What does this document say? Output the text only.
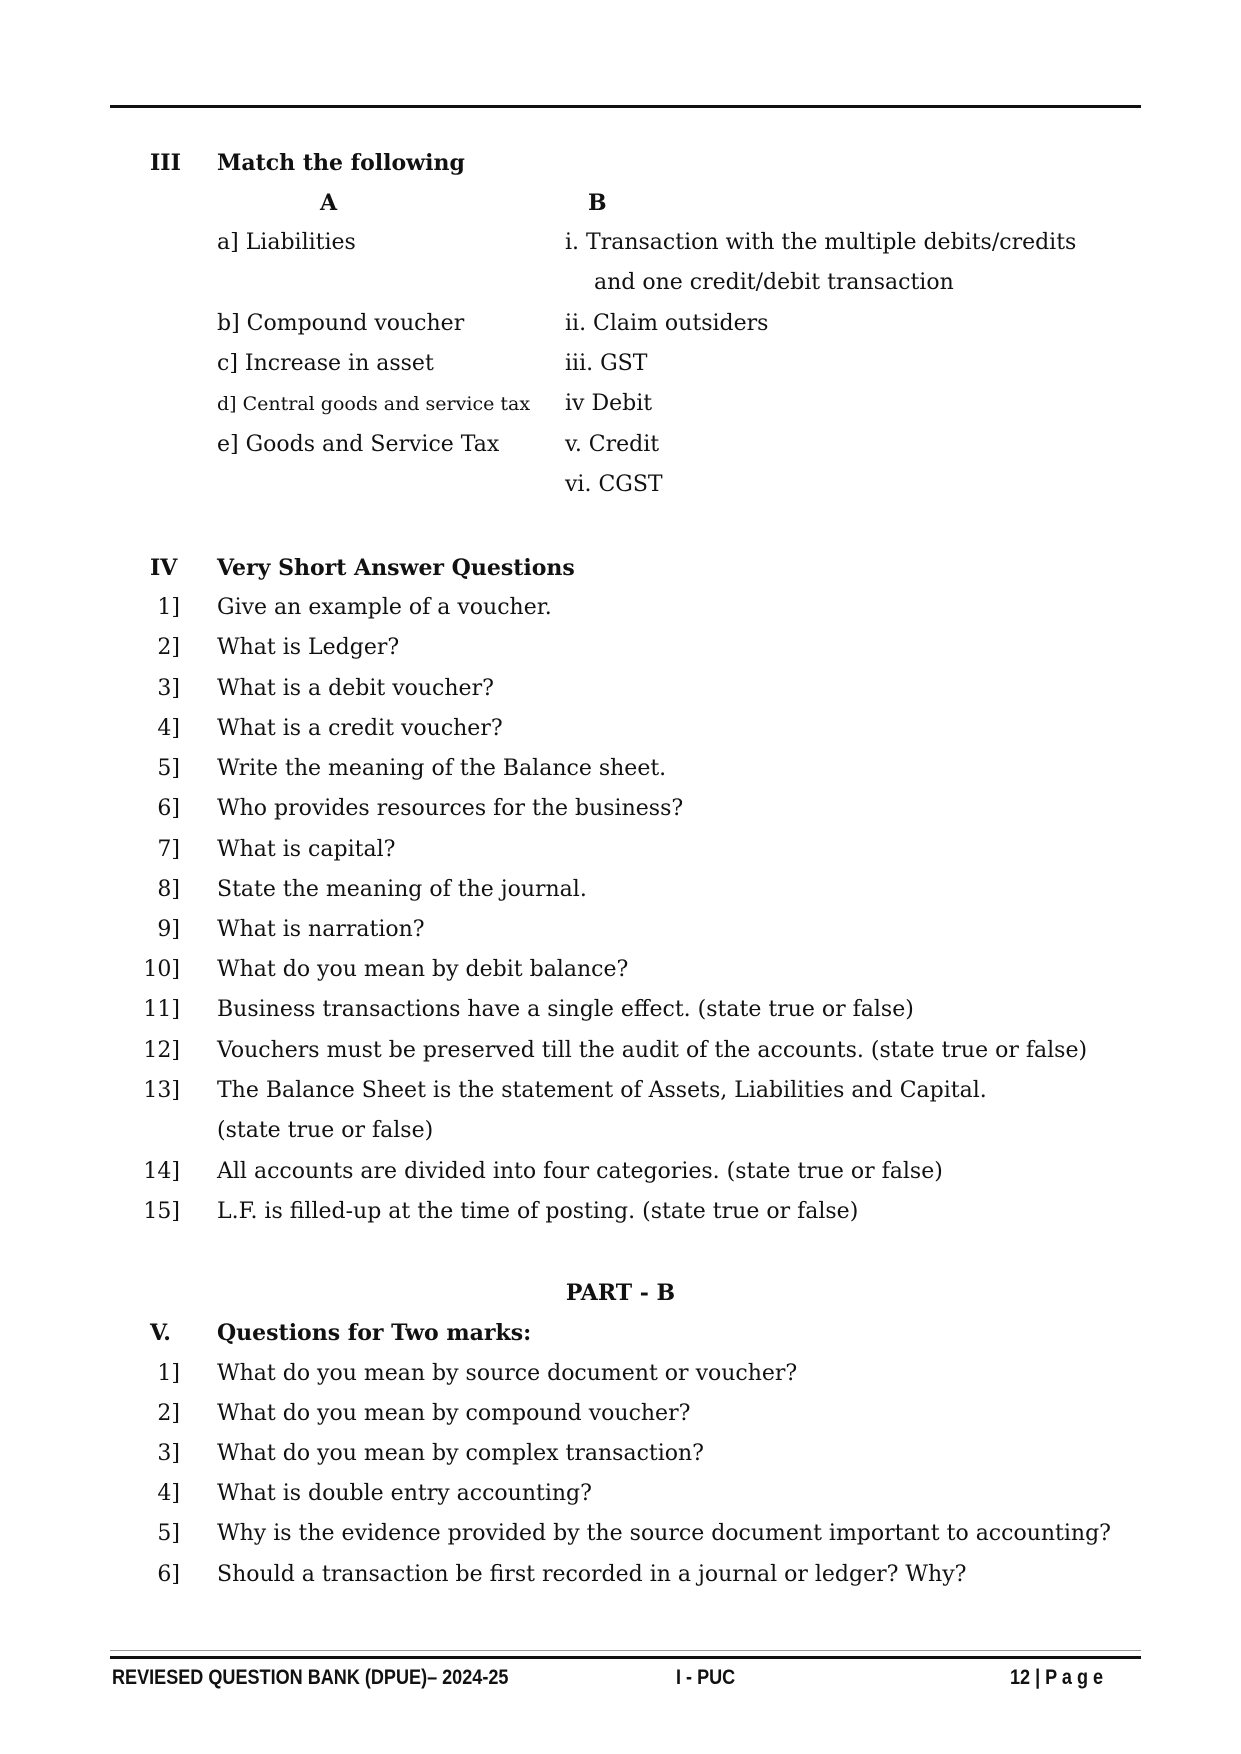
III Match the following
A	B
a] Liabilities	i. Transaction with the multiple debits/credits
and one credit/debit transaction
b] Compound voucher	ii. Claim outsiders
c] Increase in asset	iii. GST
d] Central goods and service tax iv Debit
e] Goods and Service Tax	v. Credit
vi. CGST
IV Very Short Answer Questions
1] Give an example of a voucher.
2] What is Ledger?
3] What is a debit voucher?
4] What is a credit voucher?
5] Write the meaning of the Balance sheet.
6] Who provides resources for the business?
7] What is capital?
8] State the meaning of the journal.
9] What is narration?
10] What do you mean by debit balance?
11] Business transactions have a single effect. (state true or false)
12] Vouchers must be preserved till the audit of the accounts. (state true or false)
13] The Balance Sheet is the statement of Assets, Liabilities and Capital.
(state true or false)
14] All accounts are divided into four categories. (state true or false)
15] L.F. is filled-up at the time of posting. (state true or false)
PART - B
V. Questions for Two marks:
1] What do you mean by source document or voucher?
2] What do you mean by compound voucher?
3] What do you mean by complex transaction?
4] What is double entry accounting?
5] Why is the evidence provided by the source document important to accounting?
6] Should a transaction be first recorded in a journal or ledger? Why?
REVIESED QUESTION BANK (DPUE)– 2024-25	I - PUC	12 | P a g e
